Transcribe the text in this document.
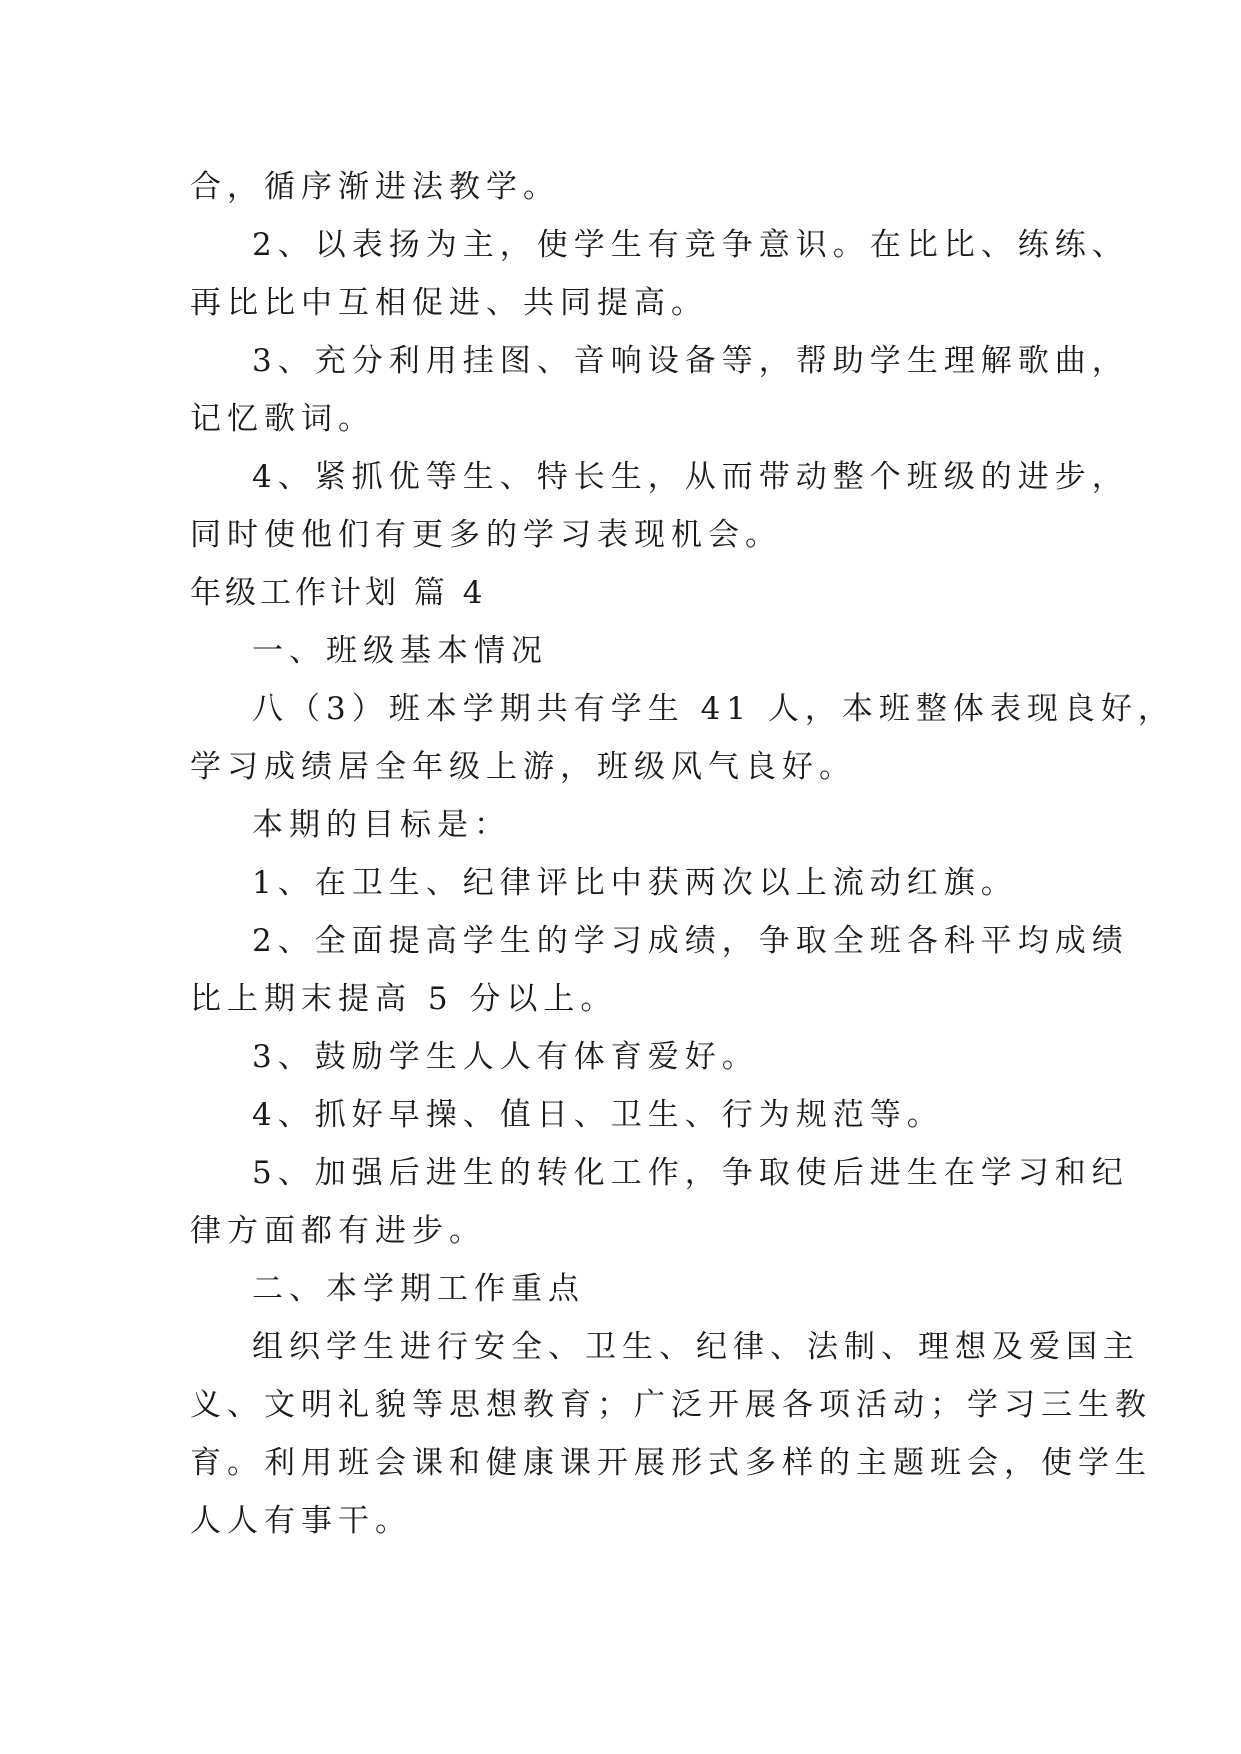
合，循序渐进法教学。
2、以表扬为主，使学生有竞争意识。在比比、练练、
再比比中互相促进、共同提高。
3、充分利用挂图、音响设备等，帮助学生理解歌曲，
记忆歌词。
4、紧抓优等生、特长生，从而带动整个班级的进步，
同时使他们有更多的学习表现机会。
年级工作计划 篇 4
一、班级基本情况
八（3）班本学期共有学生 41 人，本班整体表现良好，
学习成绩居全年级上游，班级风气良好。
本期的目标是：
1、在卫生、纪律评比中获两次以上流动红旗。
2、全面提高学生的学习成绩，争取全班各科平均成绩
比上期末提高 5 分以上。
3、鼓励学生人人有体育爱好。
4、抓好早操、值日、卫生、行为规范等。
5、加强后进生的转化工作，争取使后进生在学习和纪
律方面都有进步。
二、本学期工作重点
组织学生进行安全、卫生、纪律、法制、理想及爱国主
义、文明礼貌等思想教育；广泛开展各项活动；学习三生教
育。利用班会课和健康课开展形式多样的主题班会，使学生
人人有事干。
